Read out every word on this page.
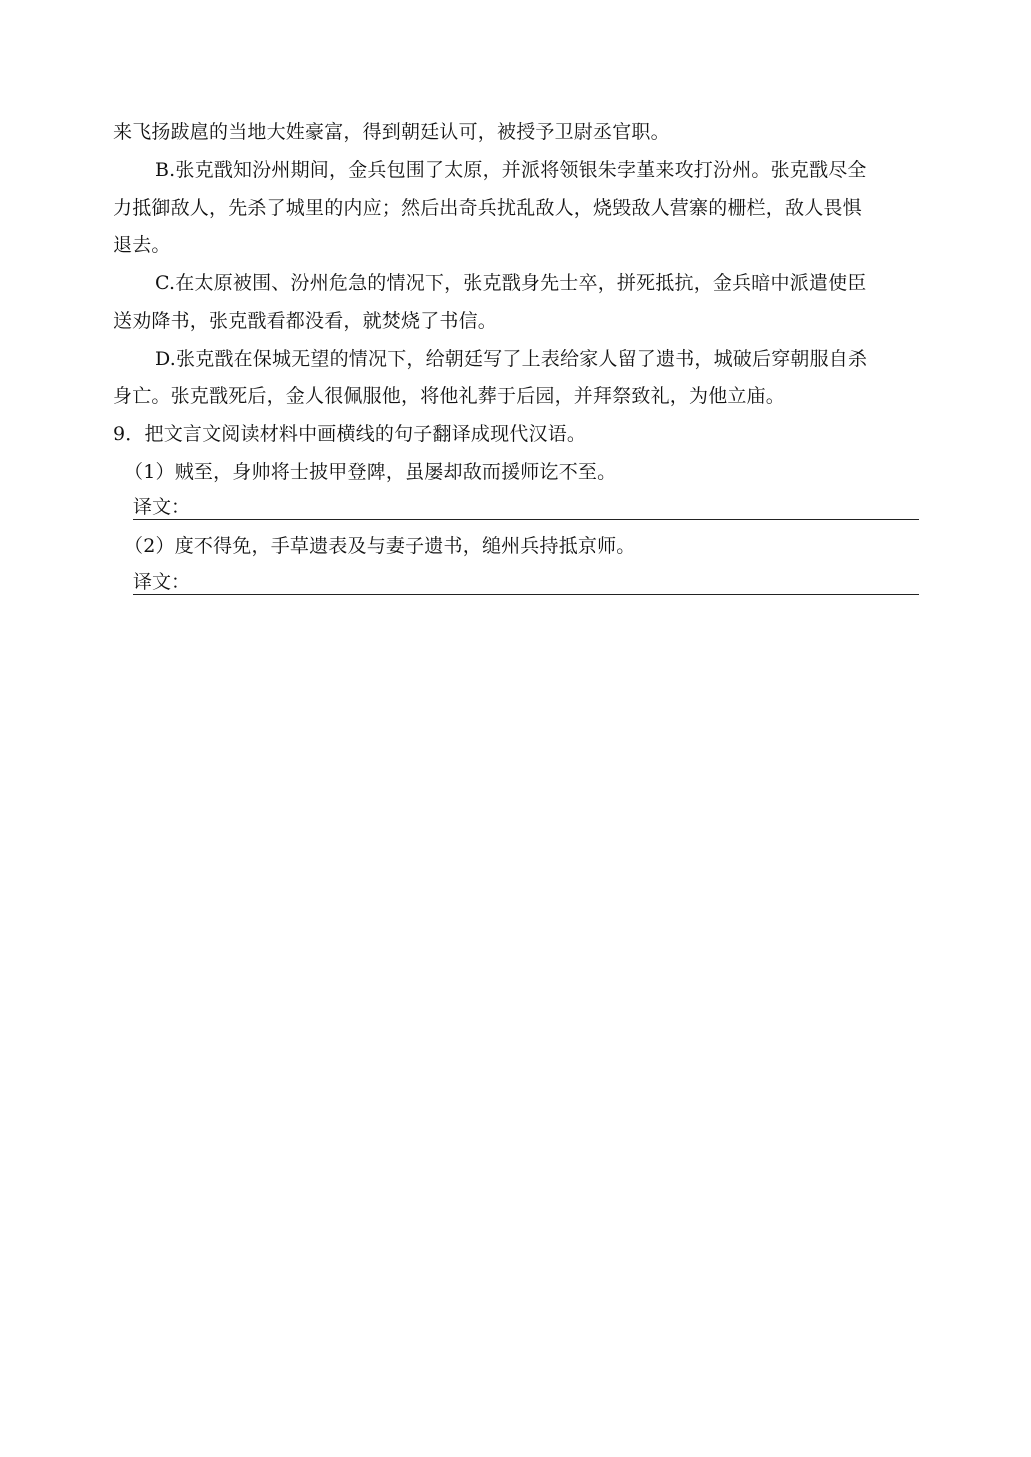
来飞扬跋扈的当地大姓豪富，得到朝廷认可，被授予卫尉丞官职。
B.张克戬知汾州期间，金兵包围了太原，并派将领银朱孛堇来攻打汾州。张克戬尽全
力抵御敌人，先杀了城里的内应；然后出奇兵扰乱敌人，烧毁敌人营寨的栅栏，敌人畏惧
退去。
C.在太原被围、汾州危急的情况下，张克戬身先士卒，拼死抵抗，金兵暗中派遣使臣
送劝降书，张克戬看都没看，就焚烧了书信。
D.张克戬在保城无望的情况下，给朝廷写了上表给家人留了遗书，城破后穿朝服自杀
身亡。张克戬死后，金人很佩服他，将他礼葬于后园，并拜祭致礼，为他立庙。
9．把文言文阅读材料中画横线的句子翻译成现代汉语。
（1）贼至，身帅将士披甲登陴，虽屡却敌而援师讫不至。
译文：
（2）度不得免，手草遗表及与妻子遗书，缒州兵持抵京师。
译文：
